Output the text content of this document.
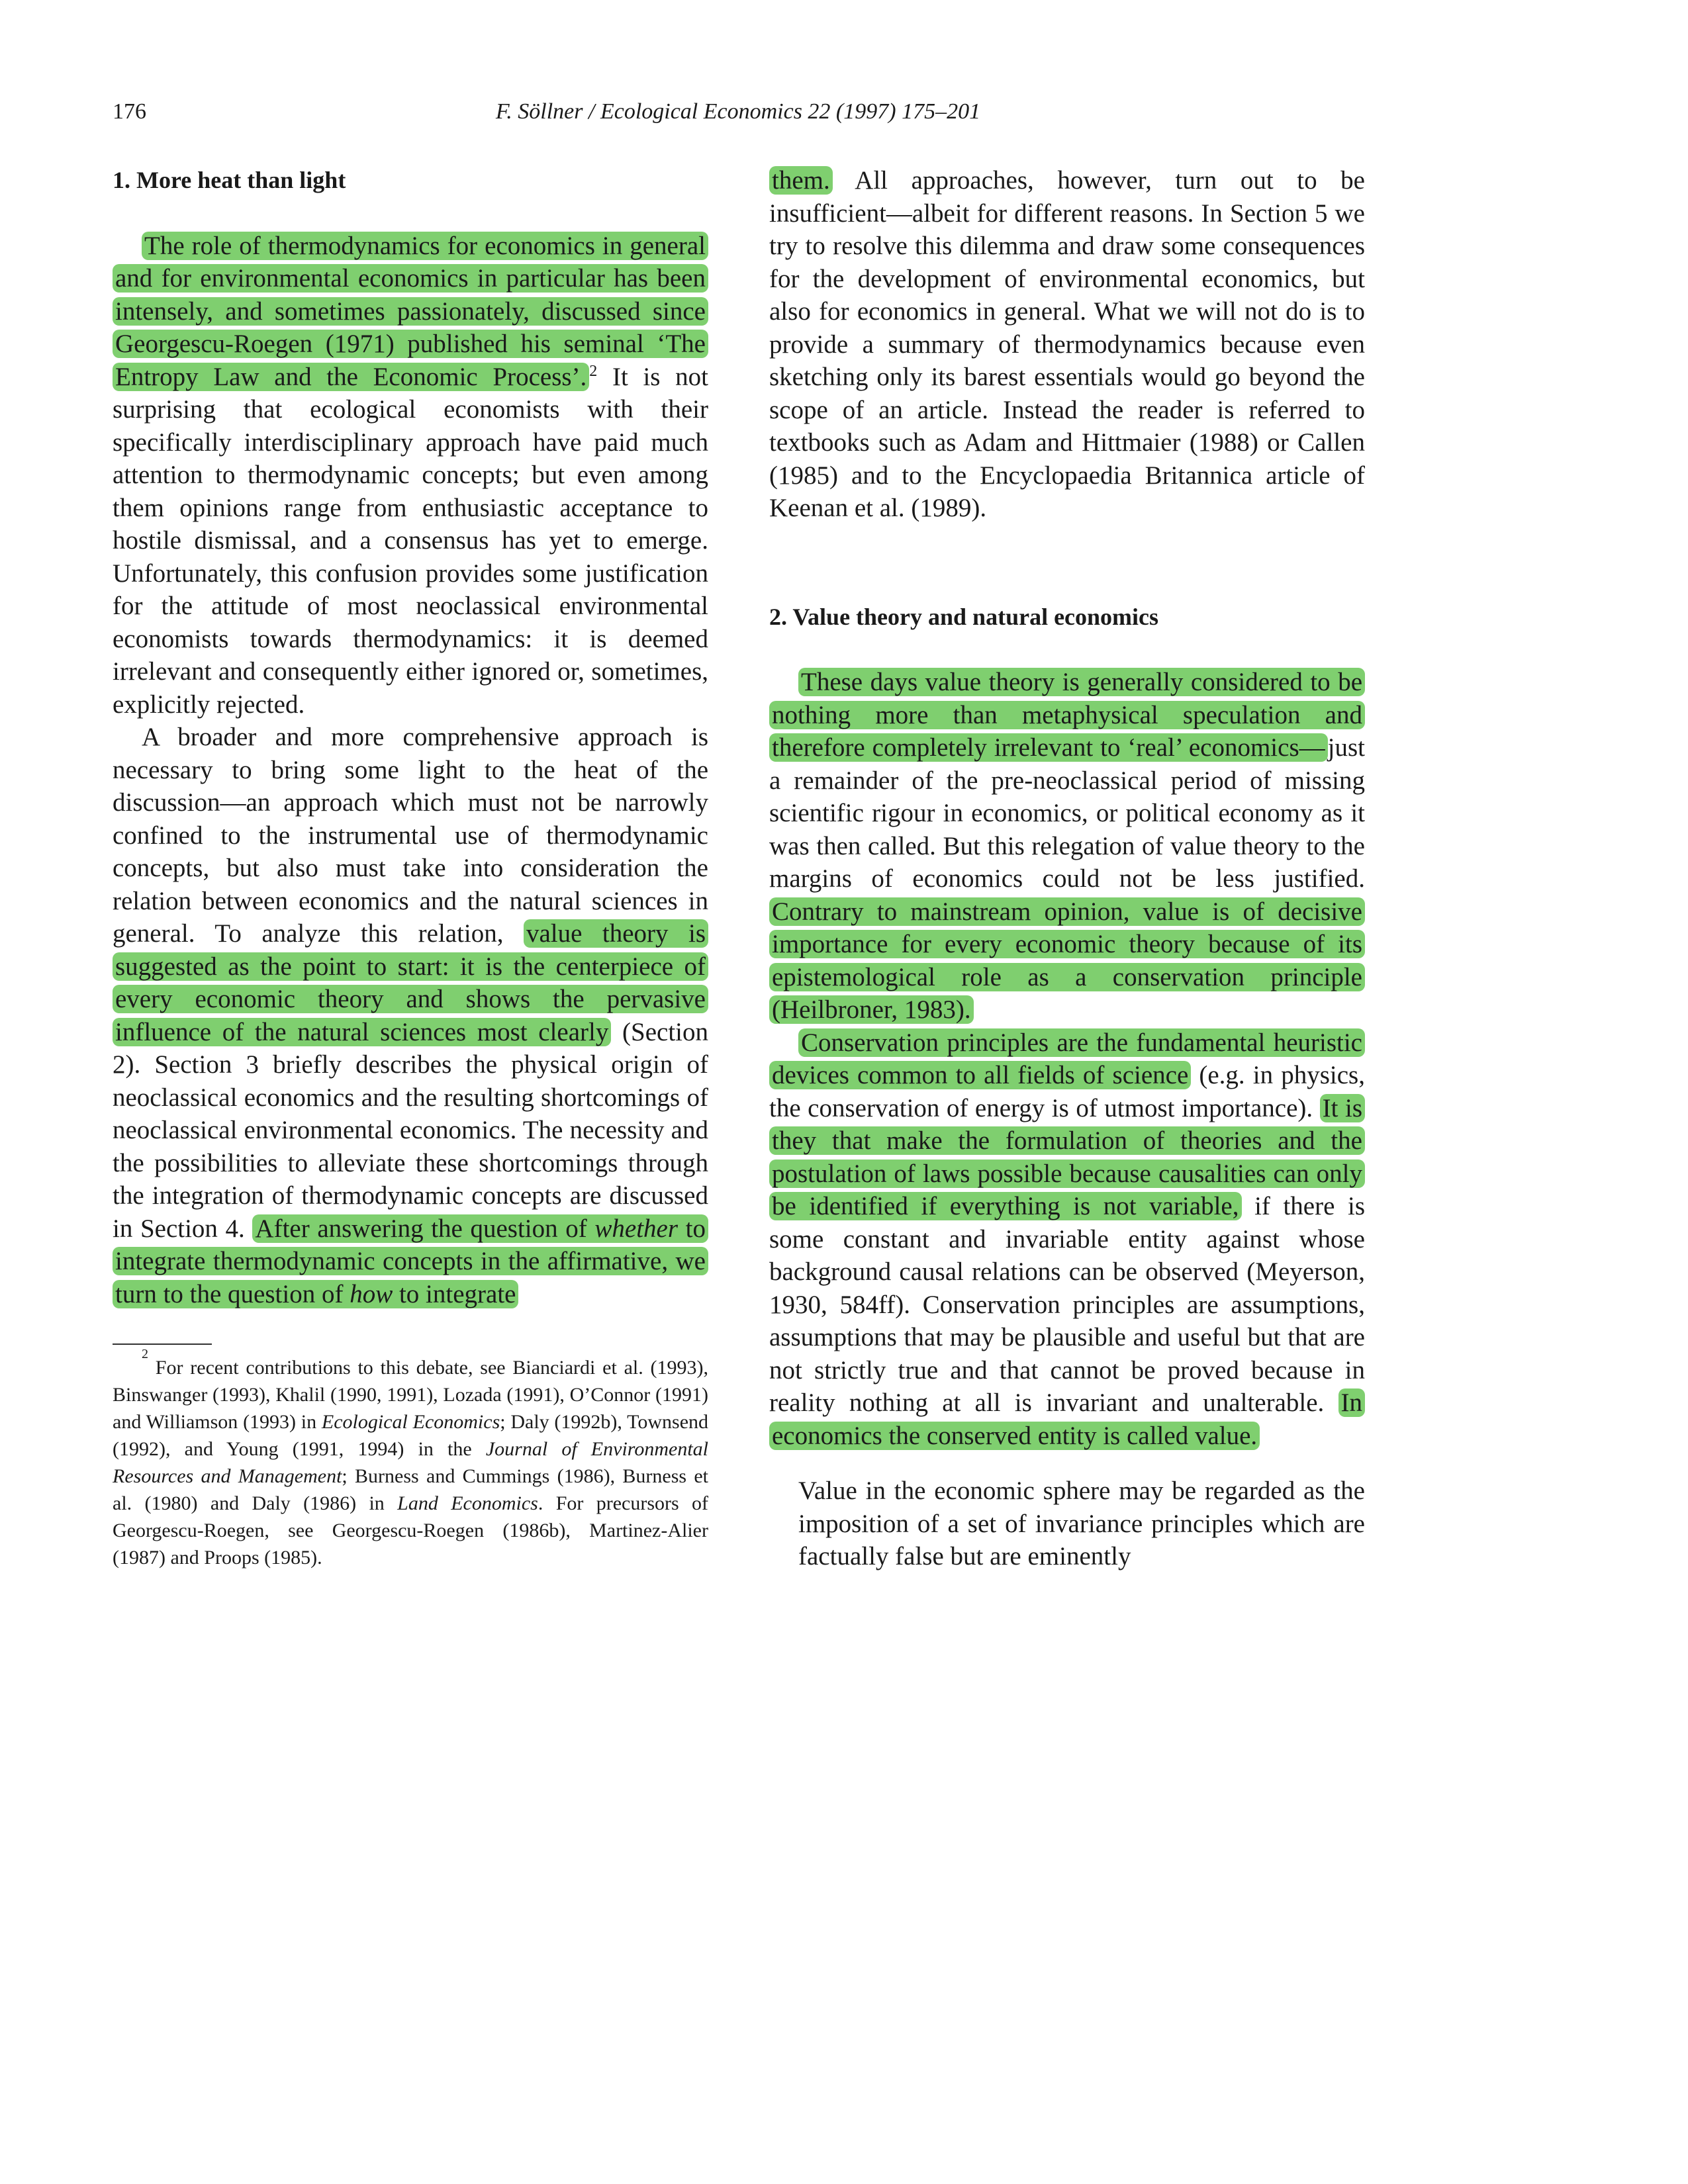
176	F. Söllner / Ecological Economics 22 (1997) 175–201
1. More heat than light

The role of thermodynamics for economics in general and for environmental economics in particular has been intensely, and sometimes passionately, discussed since Georgescu-Roegen (1971) published his seminal ‘The Entropy Law and the Economic Process’. $^2$ It is not surprising that ecological economists with their specifically interdisciplinary approach have paid much attention to thermodynamic concepts; but even among them opinions range from enthusiastic acceptance to hostile dismissal, and a consensus has yet to emerge. Unfortunately, this confusion provides some justification for the attitude of most neoclassical environmental economists towards thermodynamics: it is deemed irrelevant and consequently either ignored or, sometimes, explicitly rejected.

A broader and more comprehensive approach is necessary to bring some light to the heat of the discussion—an approach which must not be narrowly confined to the instrumental use of thermodynamic concepts, but also must take into consideration the relation between economics and the natural sciences in general. To analyze this relation, value theory is suggested as the point to start: it is the centerpiece of every economic theory and shows the pervasive influence of the natural sciences most clearly (Section 2). Section 3 briefly describes the physical origin of neoclassical economics and the resulting shortcomings of neoclassical environmental economics. The necessity and the possibilities to alleviate these shortcomings through the integration of thermodynamic concepts are discussed in Section 4. After answering the question of whether to integrate thermodynamic concepts in the affirmative, we turn to the question of how to integrate

$^2$ For recent contributions to this debate, see Bianciardi et al. (1993), Binswanger (1993), Khalil (1990, 1991), Lozada (1991), O’Connor (1991) and Williamson (1993) in Ecological Economics; Daly (1992b), Townsend (1992), and Young (1991, 1994) in the Journal of Environmental Resources and Management; Burness and Cummings (1986), Burness et al. (1980) and Daly (1986) in Land Economics. For precursors of Georgescu-Roegen, see Georgescu-Roegen (1986b), Martinez-Alier (1987) and Proops (1985).

them. All approaches, however, turn out to be insufficient—albeit for different reasons. In Section 5 we try to resolve this dilemma and draw some consequences for the development of environmental economics, but also for economics in general. What we will not do is to provide a summary of thermodynamics because even sketching only its barest essentials would go beyond the scope of an article. Instead the reader is referred to textbooks such as Adam and Hittmaier (1988) or Callen (1985) and to the Encyclopaedia Britannica article of Keenan et al. (1989).

2. Value theory and natural economics

These days value theory is generally considered to be nothing more than metaphysical speculation and therefore completely irrelevant to ‘real’ economics— just a remainder of the pre-neoclassical period of missing scientific rigour in economics, or political economy as it was then called. But this relegation of value theory to the margins of economics could not be less justified. Contrary to mainstream opinion, value is of decisive importance for every economic theory because of its epistemological role as a conservation principle (Heilbroner, 1983).

Conservation principles are the fundamental heuristic devices common to all fields of science (e.g. in physics, the conservation of energy is of utmost importance). It is they that make the formulation of theories and the postulation of laws possible because causalities can only be identified if everything is not variable, if there is some constant and invariable entity against whose background causal relations can be observed (Meyerson, 1930, 584ff). Conservation principles are assumptions, assumptions that may be plausible and useful but that are not strictly true and that cannot be proved because in reality nothing at all is invariant and unalterable. In economics the conserved entity is called value.

Value in the economic sphere may be regarded as the imposition of a set of invariance principles which are factually false but are eminently
